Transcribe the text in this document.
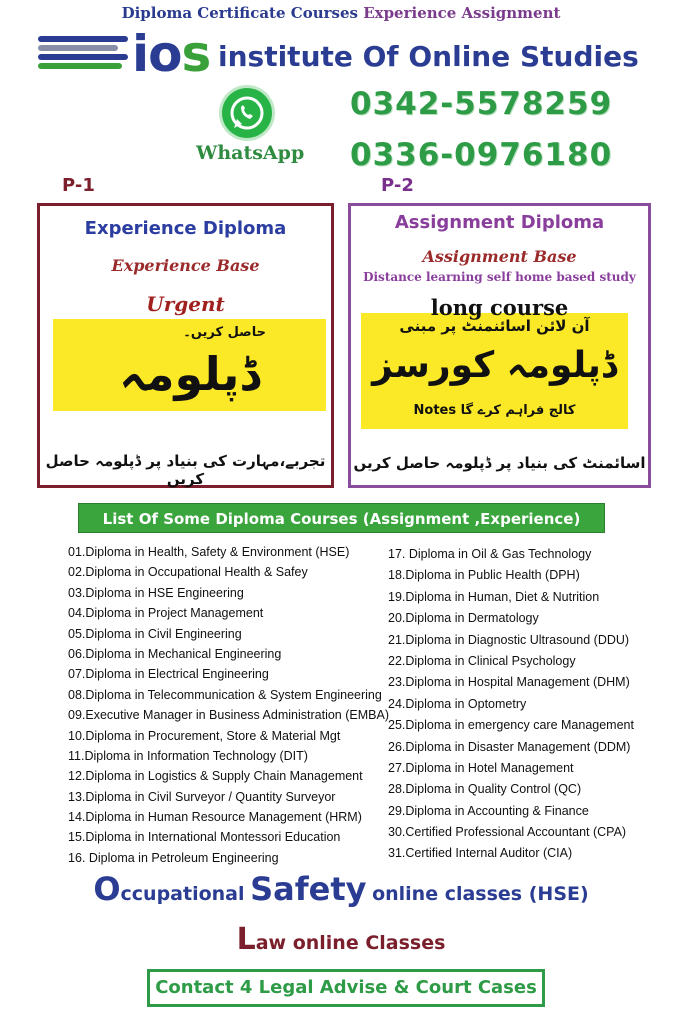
Diploma Certificate Courses Experience Assignment
ios institute Of Online Studies
WhatsApp
0342-5578259
0336-0976180
P-1	P-2
Experience Diploma
Experience Base
Urgent
حاصل کریں۔
ڈپلومہ
تجربے،مہارت کی بنیاد پر ڈپلومہ حاصل کریں
Assignment Diploma
Assignment Base
Distance learning self home based study
آن لائن اسائنمنٹ پر مبنی
ڈپلومہ کورسز
Notes کالج فراہم کرے گا
long course
اسائمنٹ کی بنیاد پر ڈپلومہ حاصل کریں
List Of Some Diploma Courses (Assignment ,Experience)
01.Diploma in Health, Safety & Environment (HSE)
02.Diploma in Occupational Health & Safey
03.Diploma in HSE Engineering
04.Diploma in Project Management
05.Diploma in Civil Engineering
06.Diploma in Mechanical Engineering
07.Diploma in Electrical Engineering
08.Diploma in Telecommunication & System Engineering
09.Executive Manager in Business Administration (EMBA)
10.Diploma in Procurement, Store & Material Mgt
11.Diploma in Information Technology (DIT)
12.Diploma in Logistics & Supply Chain Management
13.Diploma in Civil Surveyor / Quantity Surveyor
14.Diploma in Human Resource Management (HRM)
15.Diploma in International Montessori Education
16. Diploma in Petroleum Engineering
17. Diploma in Oil & Gas Technology
18.Diploma in Public Health (DPH)
19.Diploma in Human, Diet & Nutrition
20.Diploma in Dermatology
21.Diploma in Diagnostic Ultrasound (DDU)
22.Diploma in Clinical Psychology
23.Diploma in Hospital Management (DHM)
24.Diploma in Optometry
25.Diploma in emergency care Management
26.Diploma in Disaster Management (DDM)
27.Diploma in Hotel Management
28.Diploma in Quality Control (QC)
29.Diploma in Accounting & Finance
30.Certified Professional Accountant (CPA)
31.Certified Internal Auditor (CIA)
Occupational Safety online classes (HSE)
Law online Classes
Contact 4 Legal Advise & Court Cases
